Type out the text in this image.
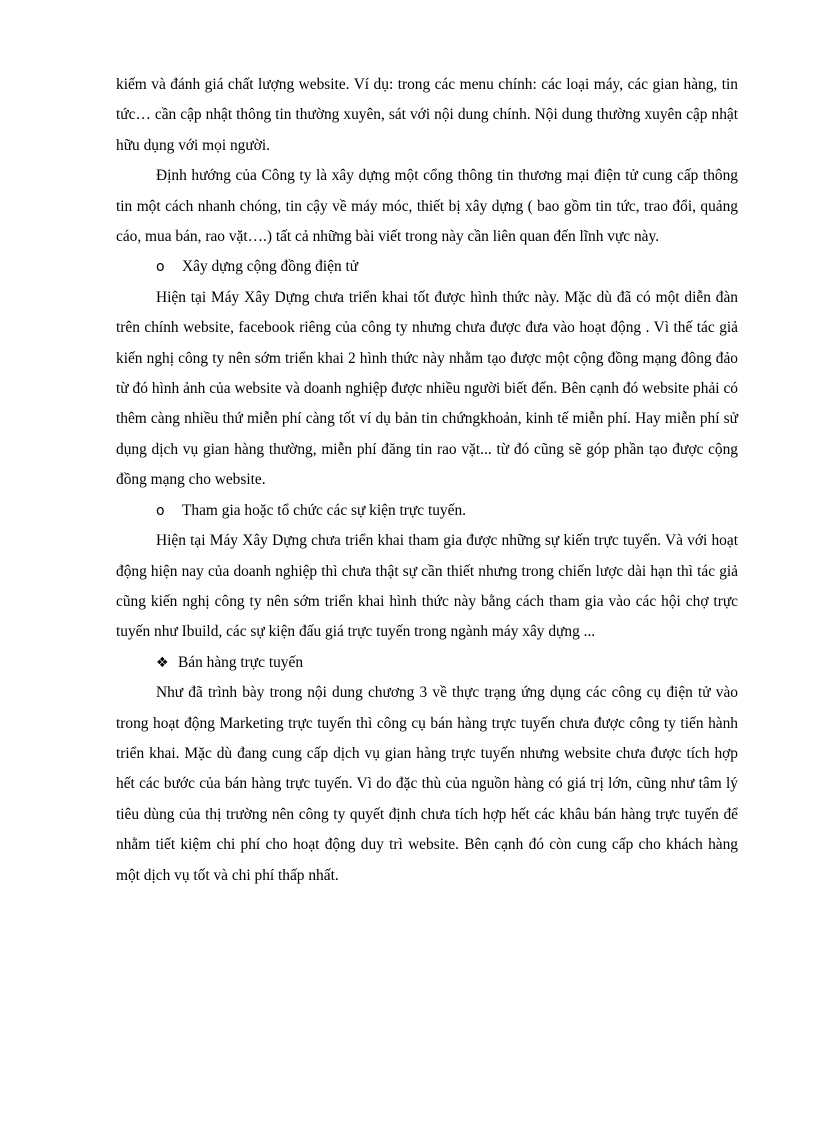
kiếm và đánh giá chất lượng website. Ví dụ: trong các menu chính: các loại máy, các gian hàng, tin tức… cần cập nhật thông tin thường xuyên, sát với nội dung chính. Nội dung thường xuyên cập nhật hữu dụng với mọi người.

Định hướng của Công ty là xây dựng một cổng thông tin thương mại điện tử cung cấp thông tin một cách nhanh chóng, tin cậy về máy móc, thiết bị xây dựng ( bao gồm tin tức, trao đổi, quảng cáo, mua bán, rao vặt….) tất cả những bài viết trong này cần liên quan đến lĩnh vực này.

o	Xây dựng cộng đồng điện tử

Hiện tại Máy Xây Dựng chưa triển khai tốt được hình thức này. Mặc dù đã có một diễn đàn trên chính website, facebook riêng của công ty nhưng chưa được đưa vào hoạt động . Vì thế tác giả kiến nghị công ty nên sớm triển khai 2 hình thức này nhằm tạo được một cộng đồng mạng đông đảo từ đó hình ảnh của website và doanh nghiệp được nhiều người biết đến. Bên cạnh đó website phải có thêm càng nhiều thứ miễn phí càng tốt ví dụ bản tin chứngkhoản, kinh tế miễn phí. Hay miễn phí sử dụng dịch vụ gian hàng thường, miễn phí đăng tin rao vặt... từ đó cũng sẽ góp phần tạo được cộng đồng mạng cho website.

o	Tham gia hoặc tổ chức các sự kiện trực tuyến.

Hiện tại Máy Xây Dựng chưa triển khai tham gia được những sự kiến trực tuyến. Và với hoạt động hiện nay của doanh nghiệp thì chưa thật sự cần thiết nhưng trong chiến lược dài hạn thì tác giả cũng kiến nghị công ty nên sớm triển khai hình thức này bằng cách tham gia vào các hội chợ trực tuyến như Ibuild, các sự kiện đấu giá trực tuyến trong ngành máy xây dựng ...

❖ Bán hàng trực tuyến

Như đã trình bày trong nội dung chương 3 về thực trạng ứng dụng các công cụ điện tử vào trong hoạt động Marketing trực tuyến thì công cụ bán hàng trực tuyến chưa được công ty tiến hành triển khai. Mặc dù đang cung cấp dịch vụ gian hàng trực tuyến nhưng website chưa được tích hợp hết các bước của bán hàng trực tuyến. Vì do đặc thù của nguồn hàng có giá trị lớn, cũng như tâm lý tiêu dùng của thị trường nên công ty quyết định chưa tích hợp hết các khâu bán hàng trực tuyến để nhằm tiết kiệm chi phí cho hoạt động duy trì website. Bên cạnh đó còn cung cấp cho khách hàng một dịch vụ tốt và chi phí thấp nhất.
